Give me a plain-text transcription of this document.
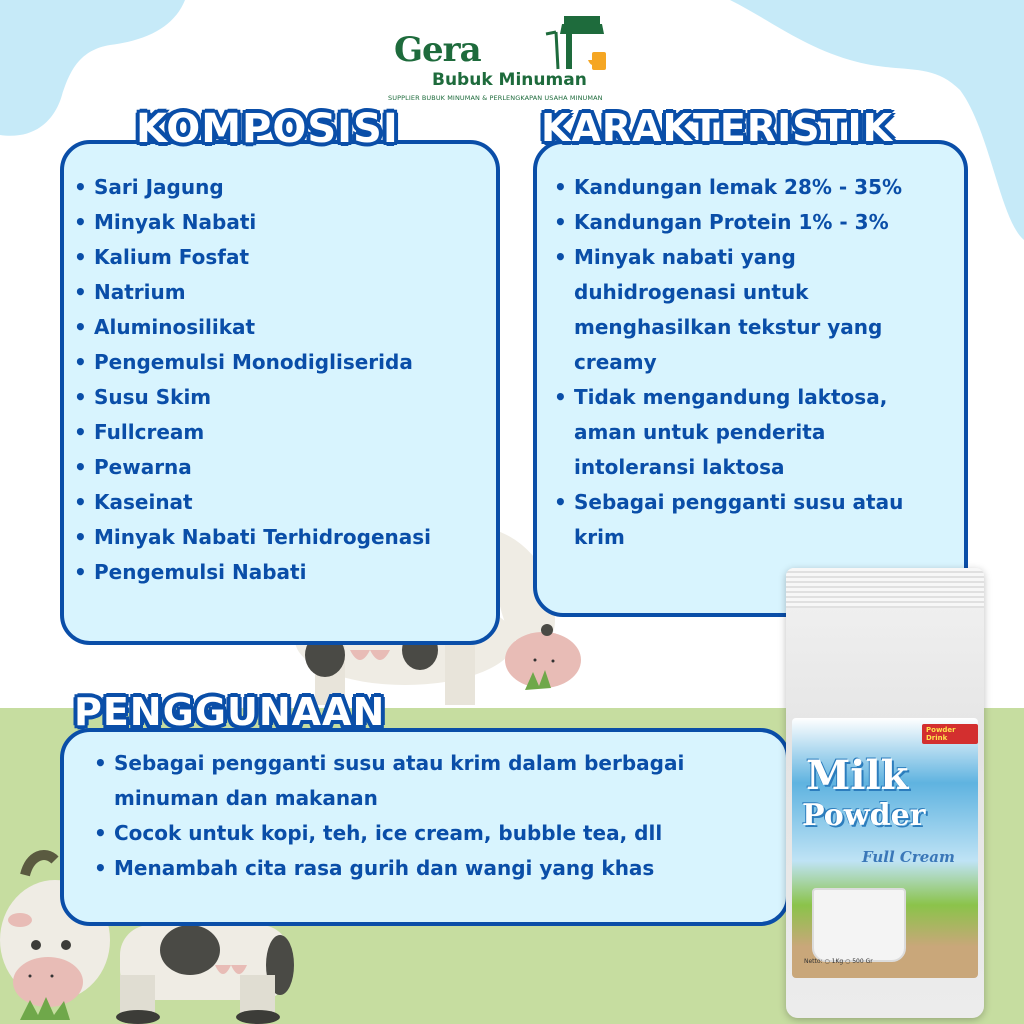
Gera
Bubuk Minuman
SUPPLIER BUBUK MINUMAN & PERLENGKAPAN USAHA MINUMAN
KOMPOSISI
• Sari Jagung
• Minyak Nabati
• Kalium Fosfat
• Natrium
• Aluminosilikat
• Pengemulsi Monodigliserida
• Susu Skim
• Fullcream
• Pewarna
• Kaseinat
• Minyak Nabati Terhidrogenasi
• Pengemulsi Nabati
KARAKTERISTIK
• Kandungan lemak 28% - 35%
• Kandungan Protein 1% - 3%
• Minyak nabati yang
duhidrogenasi untuk
menghasilkan tekstur yang
creamy
• Tidak mengandung laktosa,
aman untuk penderita
intoleransi laktosa
• Sebagai pengganti susu atau
krim
PENGGUNAAN
• Sebagai pengganti susu atau krim dalam berbagai
minuman dan makanan
• Cocok untuk kopi, teh, ice cream, bubble tea, dll
• Menambah cita rasa gurih dan wangi yang khas
Powder Drink
Milk
Powder
Full Cream
Netto: ○ 1Kg ○ 500 Gr
